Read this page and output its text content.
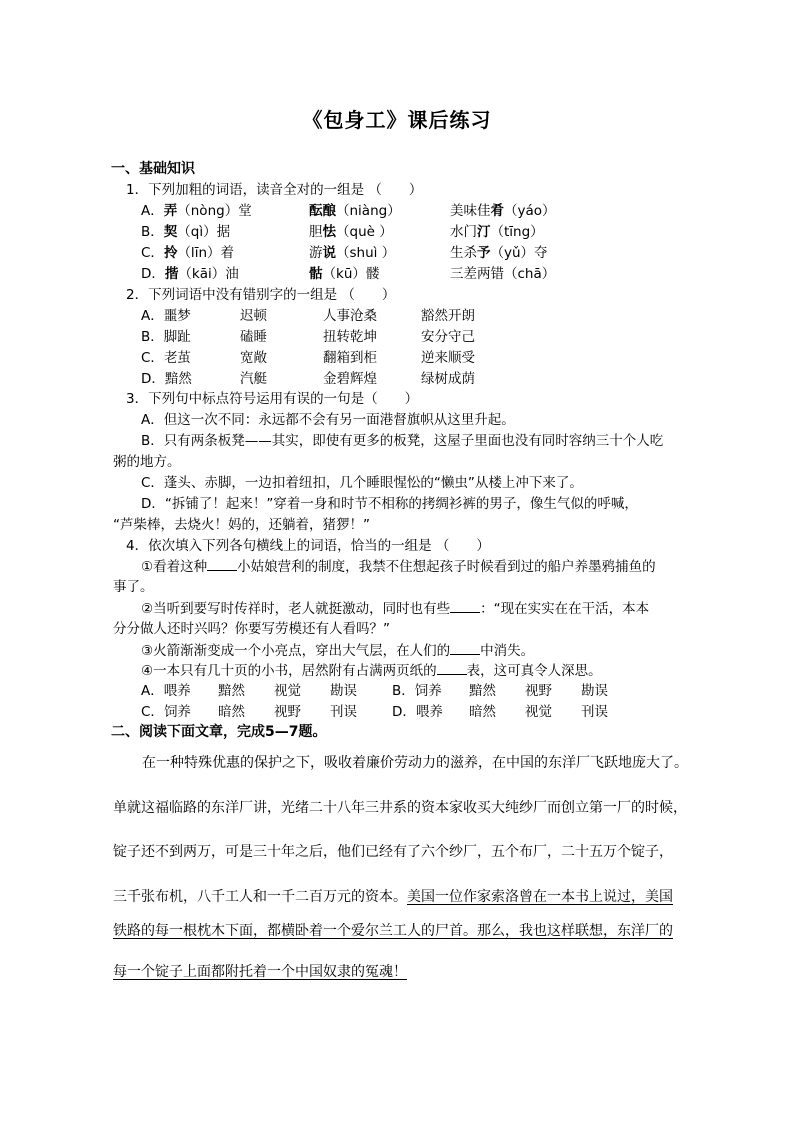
《包身工》课后练习
一、基础知识
1．下列加粗的词语，读音全对的一组是 （　　）
A．弄（nòng）堂	酝酿（niàng）	美味佳肴（yáo）
B．契（qì）据	胆怯（què ）	水门汀（tīng）
C．拎（līn）着	游说（shuì ）	生杀予（yǔ）夺
D．揩（kāi）油	骷（kū）髅	三差两错（chā）
2．下列词语中没有错别字的一组是 （　　）
A．噩梦	迟顿	人事沧桑	豁然开朗
B．脚趾	磕睡	扭转乾坤	安分守己
C．老茧	宽敞	翻箱到柜	逆来顺受
D．黯然	汽艇	金碧辉煌	绿树成荫
3．下列句中标点符号运用有误的一句是（　　）
A．但这一次不同：永远都不会有另一面港督旗帜从这里升起。
B．只有两条板凳——其实，即使有更多的板凳，这屋子里面也没有同时容纳三十个人吃
粥的地方。
C．蓬头、赤脚，一边扣着纽扣，几个睡眼惺忪的“懒虫”从楼上冲下来了。
D．“拆铺了！起来！”穿着一身和时节不相称的拷绸衫裤的男子，像生气似的呼喊，
“芦柴棒，去烧火！妈的，还躺着，猪猡！”
4．依次填入下列各句横线上的词语，恰当的一组是 （　　）
①看着这种 小姑娘营利的制度，我禁不住想起孩子时候看到过的船户养墨鸦捕鱼的
事了。
②当听到要写时传祥时，老人就挺激动，同时也有些 ：“现在实实在在干活，本本
分分做人还时兴吗？你要写劳模还有人看吗？”
③火箭渐渐变成一个小亮点，穿出大气层，在人们的 中消失。
④一本只有几十页的小书，居然附有占满两页纸的 表，这可真令人深思。
A．喂养 黯然 视觉 勘误	B．饲养 黯然 视野 勘误
C．饲养 暗然 视野 刊误	D．喂养 暗然 视觉 刊误
二、阅读下面文章，完成5—7题。
在一种特殊优惠的保护之下，吸收着廉价劳动力的滋养，在中国的东洋厂飞跃地庞大了。
单就这福临路的东洋厂讲，光绪二十八年三井系的资本家收买大纯纱厂而创立第一厂的时候，
锭子还不到两万，可是三十年之后，他们已经有了六个纱厂，五个布厂，二十五万个锭子，
三千张布机，八千工人和一千二百万元的资本。美国一位作家索洛曾在一本书上说过，美国
铁路的每一根枕木下面，都横卧着一个爱尔兰工人的尸首。那么，我也这样联想，东洋厂的
每一个锭子上面都附托着一个中国奴隶的冤魂！
